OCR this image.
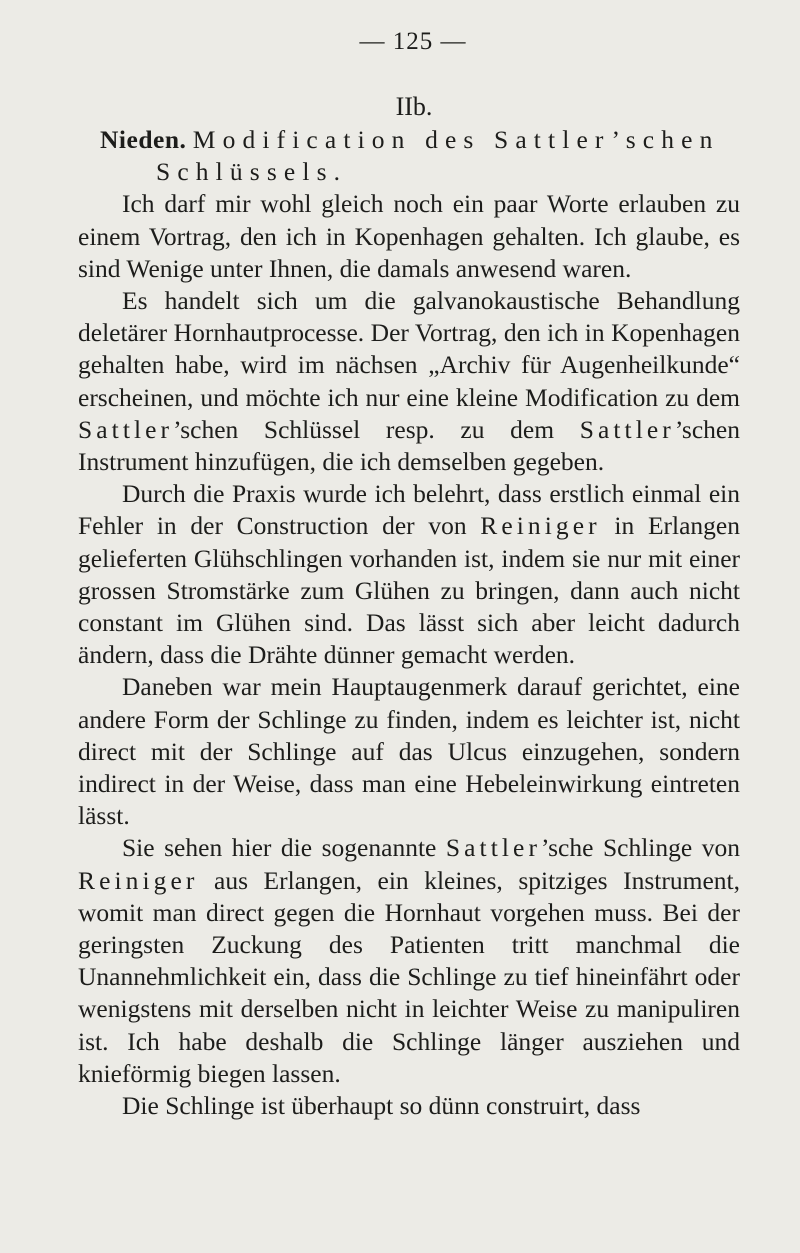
— 125 —
IIb.

Nieden. Modification des Sattler’schen
Schlüssels.

Ich darf mir wohl gleich noch ein paar Worte erlauben zu einem Vortrag, den ich in Kopenhagen gehalten. Ich glaube, es sind Wenige unter Ihnen, die damals anwesend waren.

Es handelt sich um die galvanokaustische Behandlung deletärer Hornhautprocesse. Der Vortrag, den ich in Kopenhagen gehalten habe, wird im nächsen „Archiv für Augenheilkunde“ erscheinen, und möchte ich nur eine kleine Modification zu dem Sattler’schen Schlüssel resp. zu dem Sattler’schen Instrument hinzufügen, die ich demselben gegeben.

Durch die Praxis wurde ich belehrt, dass erstlich einmal ein Fehler in der Construction der von Reiniger in Erlangen gelieferten Glühschlingen vorhanden ist, indem sie nur mit einer grossen Stromstärke zum Glühen zu bringen, dann auch nicht constant im Glühen sind. Das lässt sich aber leicht dadurch ändern, dass die Drähte dünner gemacht werden.

Daneben war mein Hauptaugenmerk darauf gerichtet, eine andere Form der Schlinge zu finden, indem es leichter ist, nicht direct mit der Schlinge auf das Ulcus einzugehen, sondern indirect in der Weise, dass man eine Hebeleinwirkung eintreten lässt.

Sie sehen hier die sogenannte Sattler’sche Schlinge von Reiniger aus Erlangen, ein kleines, spitziges Instrument, womit man direct gegen die Hornhaut vorgehen muss. Bei der geringsten Zuckung des Patienten tritt manchmal die Unannehmlichkeit ein, dass die Schlinge zu tief hineinfährt oder wenigstens mit derselben nicht in leichter Weise zu manipuliren ist. Ich habe deshalb die Schlinge länger ausziehen und knieförmig biegen lassen.

Die Schlinge ist überhaupt so dünn construirt, dass
